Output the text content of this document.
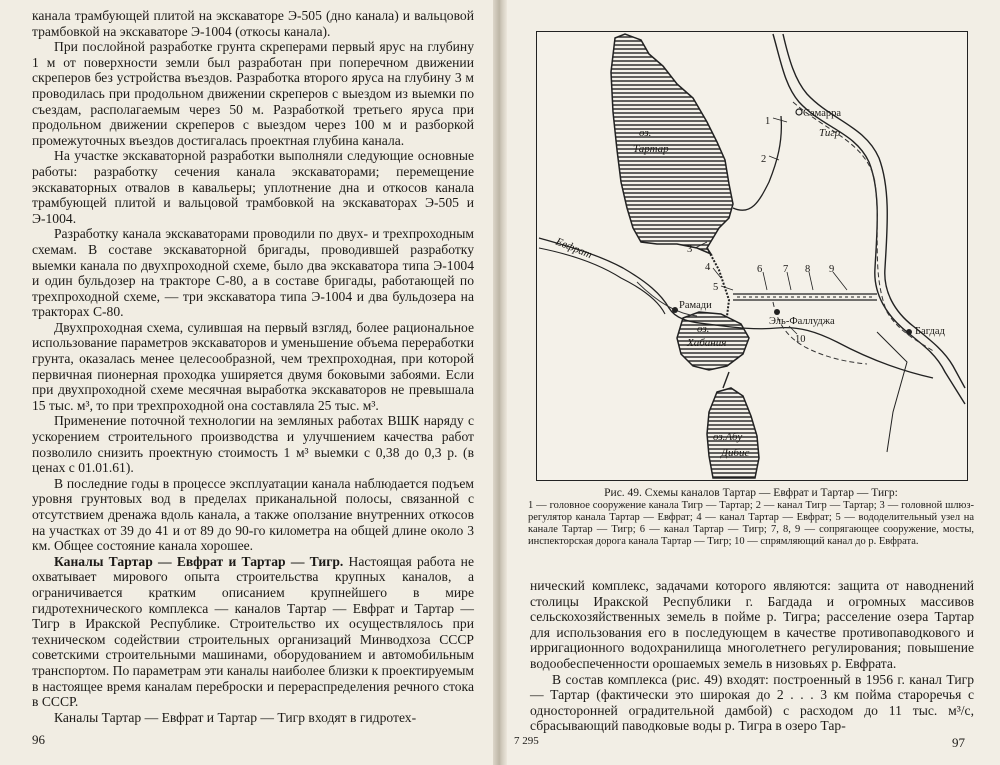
канала трамбующей плитой на экскаваторе Э-505 (дно канала) и вальцовой трамбовкой на экскаваторе Э-1004 (откосы канала).

При послойной разработке грунта скреперами первый ярус на глубину 1 м от поверхности земли был разработан при поперечном движении скреперов без устройства въездов. Разработка второго яруса на глубину 3 м проводилась при продольном движении скреперов с выездом из выемки по съездам, располагаемым через 50 м. Разработкой третьего яруса при продольном движении скреперов с выездом через 100 м и разборкой промежуточных въездов достигалась проектная глубина канала.

На участке экскаваторной разработки выполняли следующие основные работы: разработку сечения канала экскаваторами; перемещение экскаваторных отвалов в кавальеры; уплотнение дна и откосов канала трамбующей плитой и вальцовой трамбовкой на экскаваторах Э-505 и Э-1004.

Разработку канала экскаваторами проводили по двух- и трехпроходным схемам. В составе экскаваторной бригады, проводившей разработку выемки канала по двухпроходной схеме, было два экскаватора типа Э-1004 и один бульдозер на тракторе С-80, а в составе бригады, работающей по трехпроходной схеме, — три экскаватора типа Э-1004 и два бульдозера на тракторах С-80.

Двухпроходная схема, сулившая на первый взгляд, более рациональное использование параметров экскаваторов и уменьшение объема переработки грунта, оказалась менее целесообразной, чем трехпроходная, при которой первичная пионерная проходка уширяется двумя боковыми забоями. Если при двухпроходной схеме месячная выработка экскаваторов не превышала 15 тыс. м³, то при трехпроходной она составляла 25 тыс. м³.

Применение поточной технологии на земляных работах ВШК наряду с ускорением строительного производства и улучшением качества работ позволило снизить проектную стоимость 1 м³ выемки с 0,38 до 0,3 р. (в ценах с 01.01.61).

В последние годы в процессе эксплуатации канала наблюдается подъем уровня грунтовых вод в пределах приканальной полосы, связанной с отсутствием дренажа вдоль канала, а также оползание внутренних откосов на участках от 39 до 41 и от 89 до 90-го километра на общей длине около 3 км. Общее состояние канала хорошее.

Каналы Тартар — Евфрат и Тартар — Тигр. Настоящая работа не охватывает мирового опыта строительства крупных каналов, а ограничивается кратким описанием крупнейшего в мире гидротехнического комплекса — каналов Тартар — Евфрат и Тартар — Тигр в Иракской Республике. Строительство их осуществлялось при техническом содействии строительных организаций Минводхоза СССР советскими строительными машинами, оборудованием и автомобильным транспортом. По параметрам эти каналы наиболее близки к проектируемым в настоящее время каналам переброски и перераспределения речного стока в СССР.

Каналы Тартар — Евфрат и Тартар — Тигр входят в гидротех-

96
оз.
Тартар
оз.
Хабания
оз.Абу
Дибис
Тигр
Евфрат
Самарра
Рамади
Эль-Фаллуджа
Багдад
1
2
3
4
5
6 7 8 9
10
Рис. 49. Схемы каналов Тартар — Евфрат и Тартар — Тигр:
1 — головное сооружение канала Тигр — Тартар; 2 — канал Тигр — Тартар; 3 — головной шлюз-регулятор канала Тартар — Евфрат; 4 — канал Тартар — Евфрат; 5 — вододелительный узел на канале Тартар — Тигр; 6 — канал Тартар — Тигр; 7, 8, 9 — сопрягающее сооружение, мосты, инспекторская дорога канала Тартар — Тигр; 10 — спрямляющий канал до р. Евфрата.

нический комплекс, задачами которого являются: защита от наводнений столицы Иракской Республики г. Багдада и огромных массивов сельскохозяйственных земель в пойме р. Тигра; расселение озера Тартар для использования его в последующем в качестве противопаводкового и ирригационного водохранилища многолетнего регулирования; повышение водообеспеченности орошаемых земель в низовьях р. Евфрата.

В состав комплекса (рис. 49) входят: построенный в 1956 г. канал Тигр — Тартар (фактически это широкая до 2 . . . 3 км пойма староречья с односторонней оградительной дамбой) с расходом до 11 тыс. м³/с, сбрасывающий паводковые воды р. Тигра в озеро Тар-

7 295	97
